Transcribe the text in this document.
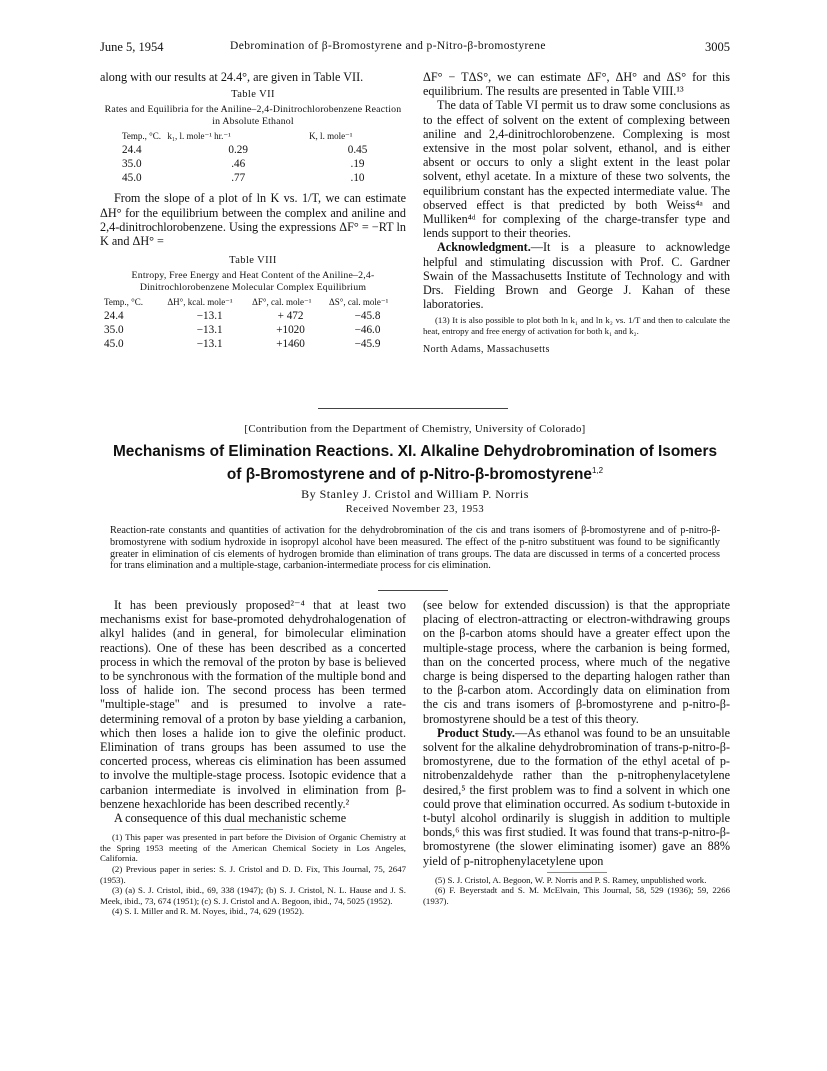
June 5, 1954	Debromination of β-Bromostyrene and p-Nitro-β-bromostyrene	3005

along with our results at 24.4°, are given in Table VII.

Table VII
Rates and Equilibria for the Aniline–2,4-Dinitrochlorobenzene Reaction in Absolute Ethanol
Temp., °C.	k₁, l. mole⁻¹ hr.⁻¹	K, l. mole⁻¹
24.4	0.29	0.45
35.0	.46	.19
45.0	.77	.10

From the slope of a plot of ln K vs. 1/T, we can estimate ΔH° for the equilibrium between the complex and aniline and 2,4-dinitrochlorobenzene. Using the expressions ΔF° = −RT ln K and ΔH° =

Table VIII
Entropy, Free Energy and Heat Content of the Aniline–2,4-Dinitrochlorobenzene Molecular Complex Equilibrium
Temp., °C.	ΔH°, kcal. mole⁻¹	ΔF°, cal. mole⁻¹	ΔS°, cal. mole⁻¹
24.4	−13.1	+ 472	−45.8
35.0	−13.1	+1020	−46.0
45.0	−13.1	+1460	−45.9

ΔF° − TΔS°, we can estimate ΔF°, ΔH° and ΔS° for this equilibrium. The results are presented in Table VIII.¹³

The data of Table VI permit us to draw some conclusions as to the effect of solvent on the extent of complexing between aniline and 2,4-dinitrochlorobenzene. Complexing is most extensive in the most polar solvent, ethanol, and is either absent or occurs to only a slight extent in the least polar solvent, ethyl acetate. In a mixture of these two solvents, the equilibrium constant has the expected intermediate value. The observed effect is that predicted by both Weiss⁴ᵃ and Mulliken⁴ᵈ for complexing of the charge-transfer type and lends support to their theories.

Acknowledgment.—It is a pleasure to acknowledge helpful and stimulating discussion with Prof. C. Gardner Swain of the Massachusetts Institute of Technology and with Drs. Fielding Brown and George J. Kahan of these laboratories.

(13) It is also possible to plot both ln k₁ and ln k₂ vs. 1/T and then to calculate the heat, entropy and free energy of activation for both k₁ and k₂.

North Adams, Massachusetts

[Contribution from the Department of Chemistry, University of Colorado]
Mechanisms of Elimination Reactions. XI. Alkaline Dehydrobromination of Isomers
of β-Bromostyrene and of p-Nitro-β-bromostyrene$^{1,2}$
By Stanley J. Cristol and William P. Norris
Received November 23, 1953
Reaction-rate constants and quantities of activation for the dehydrobromination of the cis and trans isomers of β-bromostyrene and of p-nitro-β-bromostyrene with sodium hydroxide in isopropyl alcohol have been measured. The effect of the p-nitro substituent was found to be significantly greater in elimination of cis elements of hydrogen bromide than elimination of trans groups. The data are discussed in terms of a concerted process for trans elimination and a multiple-stage, carbanion-intermediate process for cis elimination.

It has been previously proposed²⁻⁴ that at least two mechanisms exist for base-promoted dehydrohalogenation of alkyl halides (and in general, for bimolecular elimination reactions). One of these has been described as a concerted process in which the removal of the proton by base is believed to be synchronous with the formation of the multiple bond and loss of halide ion. The second process has been termed "multiple-stage" and is presumed to involve a rate-determining removal of a proton by base yielding a carbanion, which then loses a halide ion to give the olefinic product. Elimination of trans groups has been assumed to use the concerted process, whereas cis elimination has been assumed to involve the multiple-stage process. Isotopic evidence that a carbanion intermediate is involved in elimination from β-benzene hexachloride has been described recently.²

A consequence of this dual mechanistic scheme

(1) This paper was presented in part before the Division of Organic Chemistry at the Spring 1953 meeting of the American Chemical Society in Los Angeles, California.

(2) Previous paper in series: S. J. Cristol and D. D. Fix, This Journal, 75, 2647 (1953).

(3) (a) S. J. Cristol, ibid., 69, 338 (1947); (b) S. J. Cristol, N. L. Hause and J. S. Meek, ibid., 73, 674 (1951); (c) S. J. Cristol and A. Begoon, ibid., 74, 5025 (1952).

(4) S. I. Miller and R. M. Noyes, ibid., 74, 629 (1952).

(see below for extended discussion) is that the appropriate placing of electron-attracting or electron-withdrawing groups on the β-carbon atoms should have a greater effect upon the multiple-stage process, where the carbanion is being formed, than on the concerted process, where much of the negative charge is being dispersed to the departing halogen rather than to the β-carbon atom. Accordingly data on elimination from the cis and trans isomers of β-bromostyrene and p-nitro-β-bromostyrene should be a test of this theory.

Product Study.—As ethanol was found to be an unsuitable solvent for the alkaline dehydrobromination of trans-p-nitro-β-bromostyrene, due to the formation of the ethyl acetal of p-nitrobenzaldehyde rather than the p-nitrophenylacetylene desired,⁵ the first problem was to find a solvent in which one could prove that elimination occurred. As sodium t-butoxide in t-butyl alcohol ordinarily is sluggish in addition to multiple bonds,⁶ this was first studied. It was found that trans-p-nitro-β-bromostyrene (the slower eliminating isomer) gave an 88% yield of p-nitrophenylacetylene upon

(5) S. J. Cristol, A. Begoon, W. P. Norris and P. S. Ramey, unpublished work.

(6) F. Beyerstadt and S. M. McElvain, This Journal, 58, 529 (1936); 59, 2266 (1937).
